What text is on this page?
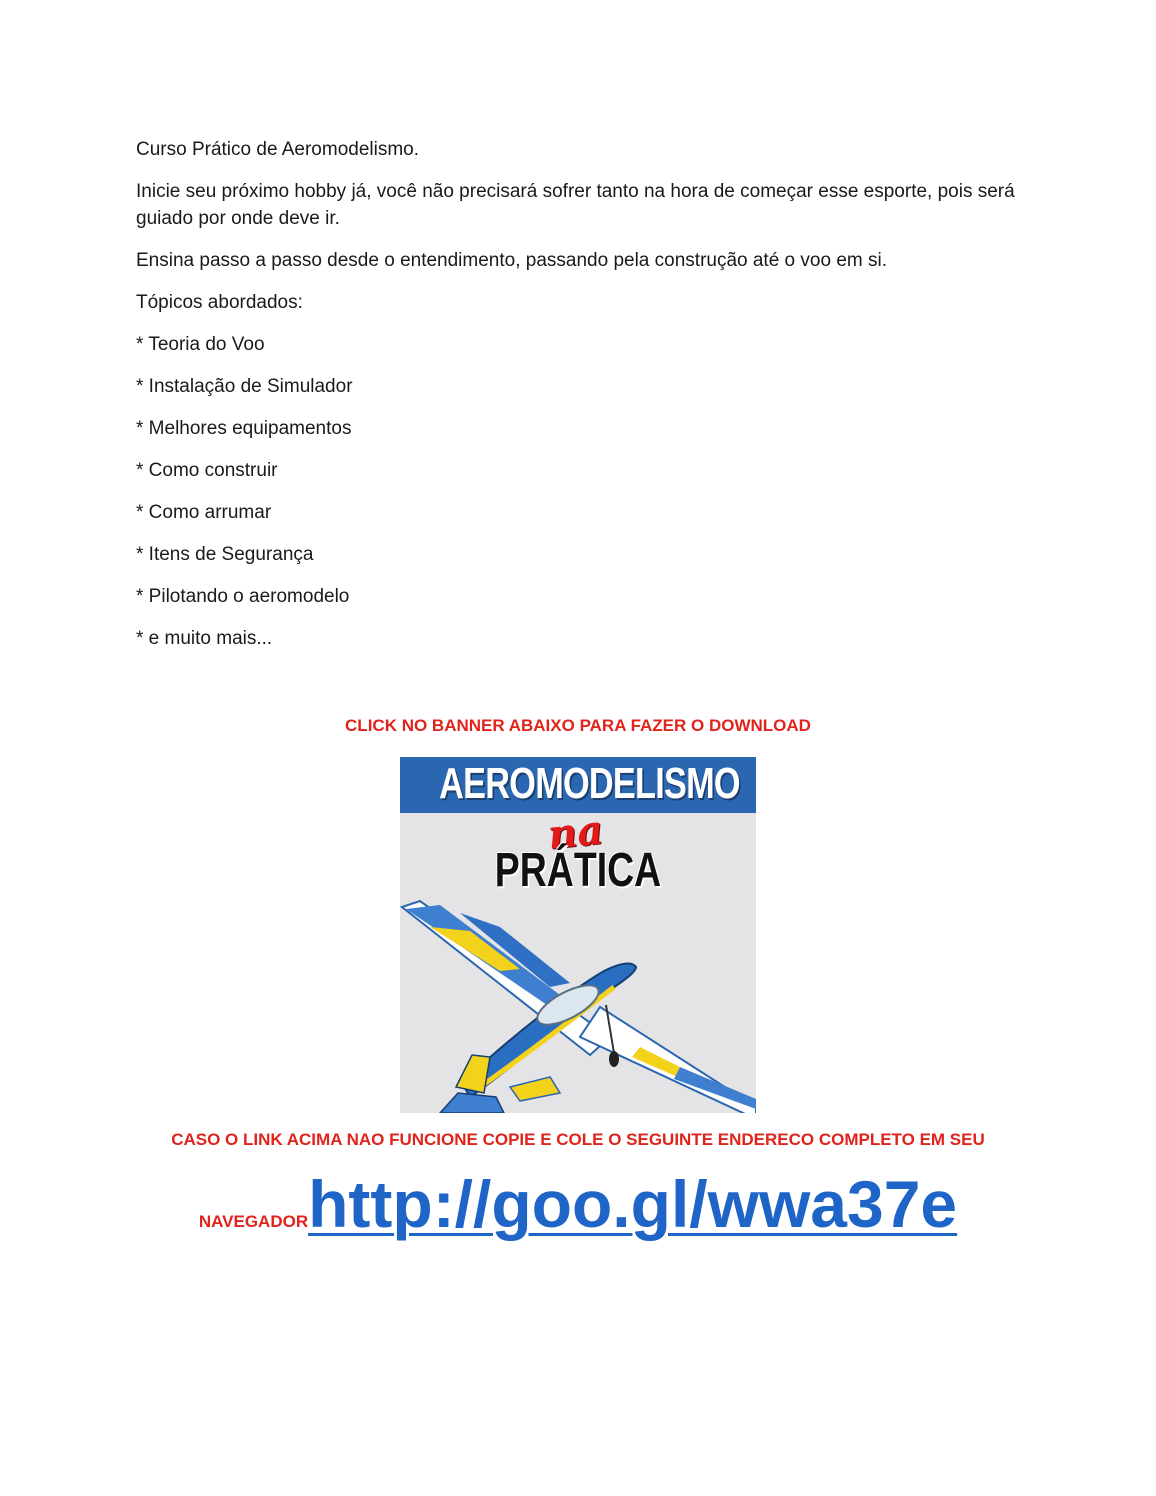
Curso Prático de Aeromodelismo.

Inicie seu próximo hobby já, você não precisará sofrer tanto na hora de começar esse esporte, pois será guiado por onde deve ir.

Ensina passo a passo desde o entendimento, passando pela construção até o voo em si.

Tópicos abordados:

* Teoria do Voo

* Instalação de Simulador

* Melhores equipamentos

* Como construir

* Como arrumar

* Itens de Segurança

* Pilotando o aeromodelo

* e muito mais...

CLICK NO BANNER ABAIXO PARA FAZER O DOWNLOAD
AEROMODELISMO
na
PRÁTICA
CASO O LINK ACIMA NAO FUNCIONE COPIE E COLE O SEGUINTE ENDERECO COMPLETO EM SEU
NAVEGADORhttp://goo.gl/wwa37e
